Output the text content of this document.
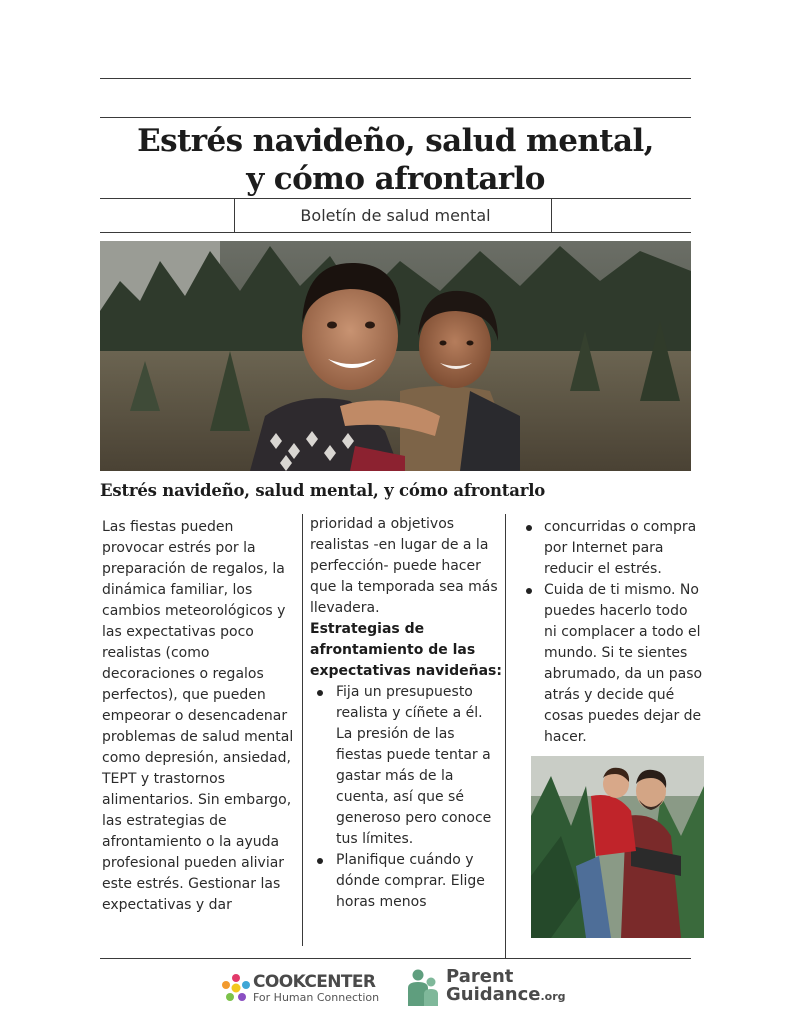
Estrés navideño, salud mental,
y cómo afrontarlo
Boletín de salud mental
Estrés navideño, salud mental, y cómo afrontarlo

Las fiestas pueden provocar estrés por la preparación de regalos, la dinámica familiar, los cambios meteorológicos y las expectativas poco realistas (como decoraciones o regalos perfectos), que pueden empeorar o desencadenar problemas de salud mental como depresión, ansiedad, TEPT y trastornos alimentarios. Sin embargo, las estrategias de afrontamiento o la ayuda profesional pueden aliviar este estrés. Gestionar las expectativas y dar

prioridad a objetivos realistas -en lugar de a la perfección- puede hacer que la temporada sea más llevadera.

Estrategias de afrontamiento de las expectativas navideñas:

Fija un presupuesto realista y cíñete a él. La presión de las fiestas puede tentar a gastar más de la cuenta, así que sé generoso pero conoce tus límites.
Planifique cuándo y dónde comprar. Elige horas menos
concurridas o compra por Internet para reducir el estrés.
Cuida de ti mismo. No puedes hacerlo todo ni complacer a todo el mundo. Si te sientes abrumado, da un paso atrás y decide qué cosas puedes dejar de hacer.
COOKCENTER
For Human Connection
Parent
Guidance.org
